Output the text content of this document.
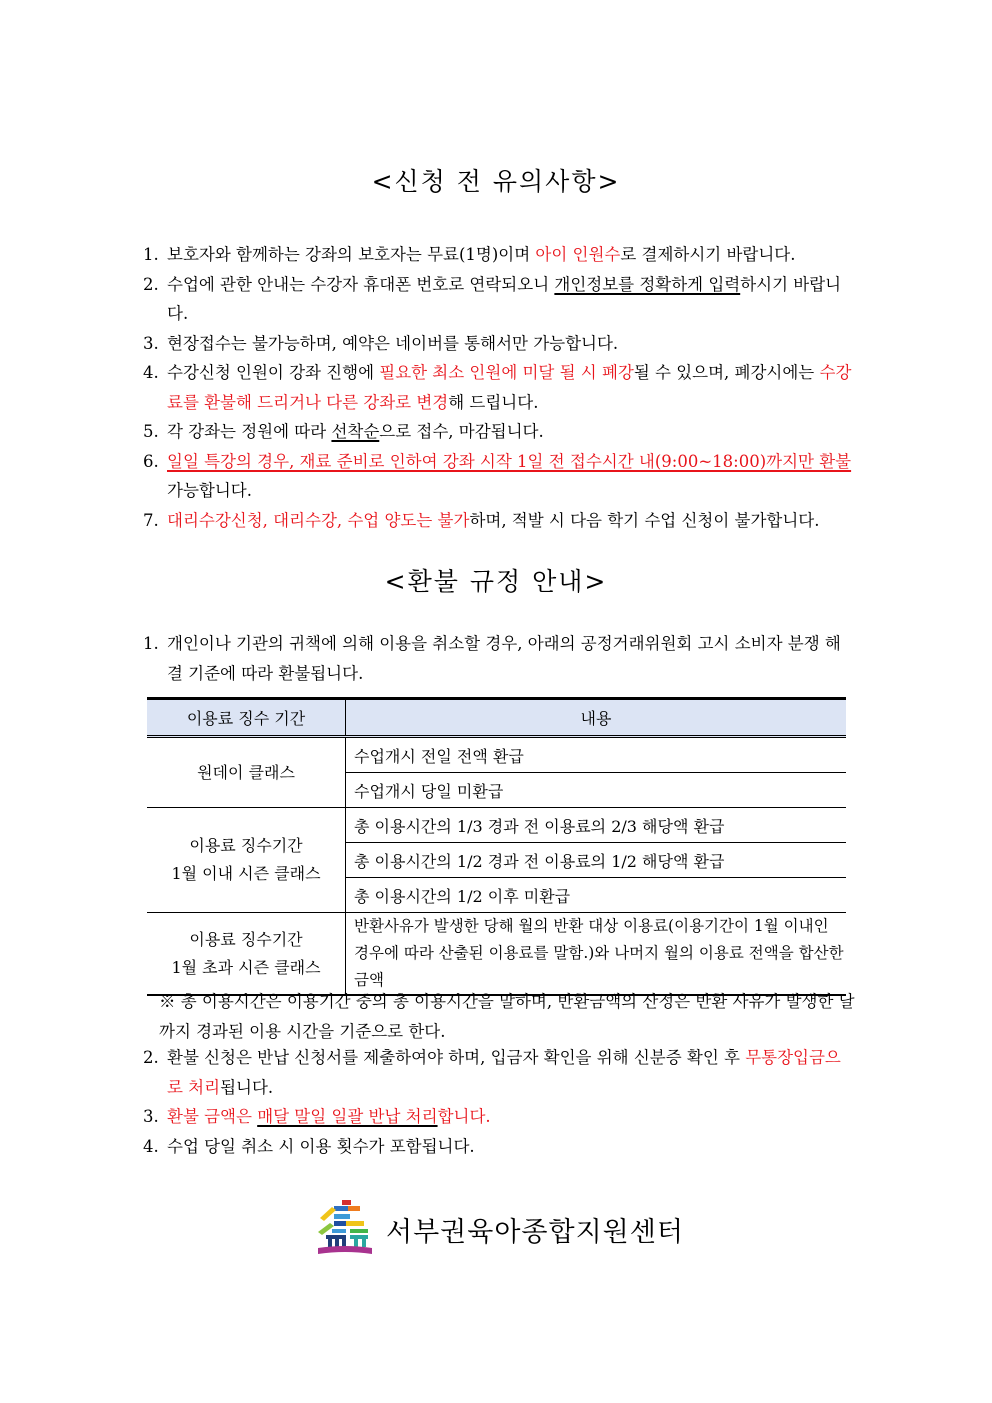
<신청 전 유의사항>
1. 보호자와 함께하는 강좌의 보호자는 무료(1명)이며 아이 인원수로 결제하시기 바랍니다.
2. 수업에 관한 안내는 수강자 휴대폰 번호로 연락되오니 개인정보를 정확하게 입력하시기 바랍니다.
3. 현장접수는 불가능하며, 예약은 네이버를 통해서만 가능합니다.
4. 수강신청 인원이 강좌 진행에 필요한 최소 인원에 미달 될 시 폐강될 수 있으며, 폐강시에는 수강료를 환불해 드리거나 다른 강좌로 변경해 드립니다.
5. 각 강좌는 정원에 따라 선착순으로 접수, 마감됩니다.
6. 일일 특강의 경우, 재료 준비로 인하여 강좌 시작 1일 전 접수시간 내(9:00~18:00)까지만 환불 가능합니다.
7. 대리수강신청, 대리수강, 수업 양도는 불가하며, 적발 시 다음 학기 수업 신청이 불가합니다.
<환불 규정 안내>
1. 개인이나 기관의 귀책에 의해 이용을 취소할 경우, 아래의 공정거래위원회 고시 소비자 분쟁 해결 기준에 따라 환불됩니다.
이용료 징수 기간	내용

원데이 클래스	수업개시 전일 전액 환급
	수업개시 당일 미환급

이용료 징수기간
1월 이내 시즌 클래스	총 이용시간의 1/3 경과 전 이용료의 2/3 해당액 환급
	총 이용시간의 1/2 경과 전 이용료의 1/2 해당액 환급
	총 이용시간의 1/2 이후 미환급

이용료 징수기간
1월 초과 시즌 클래스	반환사유가 발생한 당해 월의 반환 대상 이용료(이용기간이 1월 이내인 경우에 따라 산출된 이용료를 말함.)와 나머지 월의 이용료 전액을 합산한 금액
※ 총 이용시간은 이용기간 중의 총 이용시간을 말하며, 반환금액의 산정은 반환 사유가 발생한 날까지 경과된 이용 시간을 기준으로 한다.
2. 환불 신청은 반납 신청서를 제출하여야 하며, 입금자 확인을 위해 신분증 확인 후 무통장입금으로 처리됩니다.
3. 환불 금액은 매달 말일 일괄 반납 처리합니다.
4. 수업 당일 취소 시 이용 횟수가 포함됩니다.
서부권육아종합지원센터
